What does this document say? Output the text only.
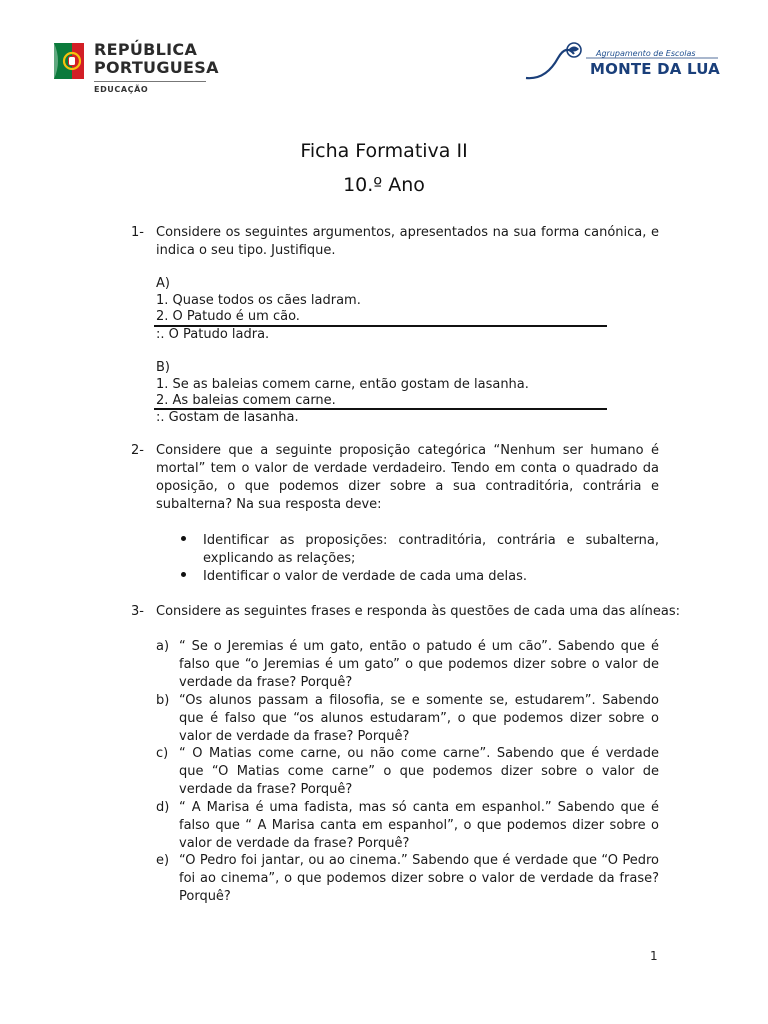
REPÚBLICA
PORTUGUESA
EDUCAÇÃO
Agrupamento de Escolas
MONTE DA LUA
Ficha Formativa II
10.º Ano
1- Considere os seguintes argumentos, apresentados na sua forma canónica, e indica o seu tipo. Justifique.
A)
1. Quase todos os cães ladram.
2. O Patudo é um cão.
:. O Patudo ladra.
B)
1. Se as baleias comem carne, então gostam de lasanha.
2. As baleias comem carne.
:. Gostam de lasanha.
2- Considere que a seguinte proposição categórica “Nenhum ser humano é mortal” tem o valor de verdade verdadeiro. Tendo em conta o quadrado da oposição, o que podemos dizer sobre a sua contraditória, contrária e subalterna? Na sua resposta deve:
Identificar as proposições: contraditória, contrária e subalterna, explicando as relações;
Identificar o valor de verdade de cada uma delas.
3- Considere as seguintes frases e responda às questões de cada uma das alíneas:
a) “ Se o Jeremias é um gato, então o patudo é um cão”. Sabendo que é falso que “o Jeremias é um gato” o que podemos dizer sobre o valor de verdade da frase? Porquê?
b) “Os alunos passam a filosofia, se e somente se, estudarem”. Sabendo que é falso que “os alunos estudaram”, o que podemos dizer sobre o valor de verdade da frase? Porquê?
c) “ O Matias come carne, ou não come carne”. Sabendo que é verdade que “O Matias come carne” o que podemos dizer sobre o valor de verdade da frase? Porquê?
d) “ A Marisa é uma fadista, mas só canta em espanhol.” Sabendo que é falso que “ A Marisa canta em espanhol”, o que podemos dizer sobre o valor de verdade da frase? Porquê?
e) “O Pedro foi jantar, ou ao cinema.” Sabendo que é verdade que “O Pedro foi ao cinema”, o que podemos dizer sobre o valor de verdade da frase? Porquê?
1
